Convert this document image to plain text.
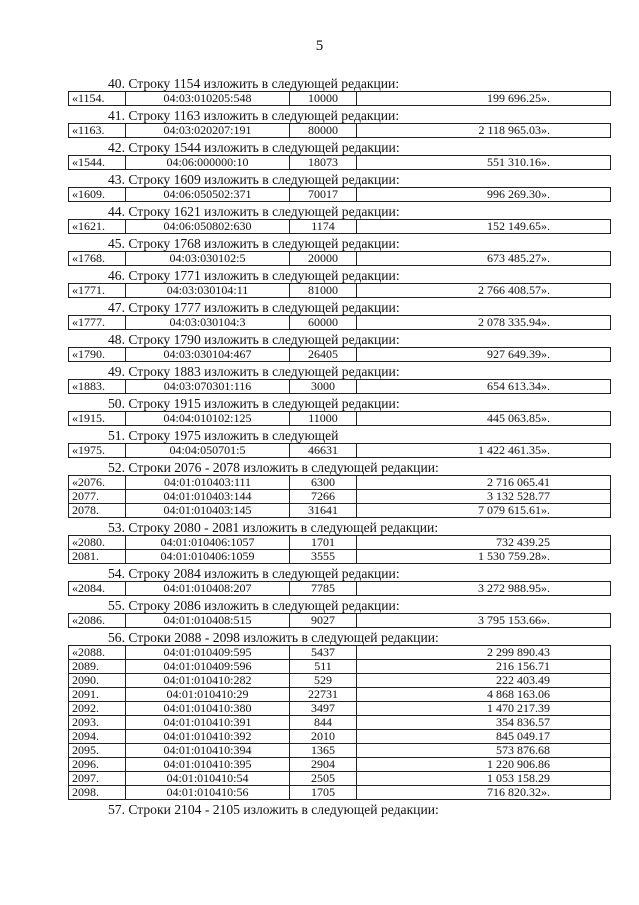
5
40. Строку 1154 изложить в следующей редакции:
«1154.	04:03:010205:548	10000	199 696.25».
41. Строку 1163 изложить в следующей редакции:
«1163.	04:03:020207:191	80000	2 118 965.03».
42. Строку 1544 изложить в следующей редакции:
«1544.	04:06:000000:10	18073	551 310.16».
43. Строку 1609 изложить в следующей редакции:
«1609.	04:06:050502:371	70017	996 269.30».
44. Строку 1621 изложить в следующей редакции:
«1621.	04:06:050802:630	1174	152 149.65».
45. Строку 1768 изложить в следующей редакции:
«1768.	04:03:030102:5	20000	673 485.27».
46. Строку 1771 изложить в следующей редакции:
«1771.	04:03:030104:11	81000	2 766 408.57».
47. Строку 1777 изложить в следующей редакции:
«1777.	04:03:030104:3	60000	2 078 335.94».
48. Строку 1790 изложить в следующей редакции:
«1790.	04:03:030104:467	26405	927 649.39».
49. Строку 1883 изложить в следующей редакции:
«1883.	04:03:070301:116	3000	654 613.34».
50. Строку 1915 изложить в следующей редакции:
«1915.	04:04:010102:125	11000	445 063.85».
51. Строку 1975 изложить в следующей
«1975.	04:04:050701:5	46631	1 422 461.35».
52. Строки 2076 - 2078 изложить в следующей редакции:
«2076.	04:01:010403:111	6300	2 716 065.41
2077.	04:01:010403:144	7266	3 132 528.77
2078.	04:01:010403:145	31641	7 079 615.61».
53. Строку 2080 - 2081 изложить в следующей редакции:
«2080.	04:01:010406:1057	1701	732 439.25
2081.	04:01:010406:1059	3555	1 530 759.28».
54. Строку 2084 изложить в следующей редакции:
«2084.	04:01:010408:207	7785	3 272 988.95».
55. Строку 2086 изложить в следующей редакции:
«2086.	04:01:010408:515	9027	3 795 153.66».
56. Строки 2088 - 2098 изложить в следующей редакции:
«2088.	04:01:010409:595	5437	2 299 890.43
2089.	04:01:010409:596	511	216 156.71
2090.	04:01:010410:282	529	222 403.49
2091.	04:01:010410:29	22731	4 868 163.06
2092.	04:01:010410:380	3497	1 470 217.39
2093.	04:01:010410:391	844	354 836.57
2094.	04:01:010410:392	2010	845 049.17
2095.	04:01:010410:394	1365	573 876.68
2096.	04:01:010410:395	2904	1 220 906.86
2097.	04:01:010410:54	2505	1 053 158.29
2098.	04:01:010410:56	1705	716 820.32».
57. Строки 2104 - 2105 изложить в следующей редакции:
